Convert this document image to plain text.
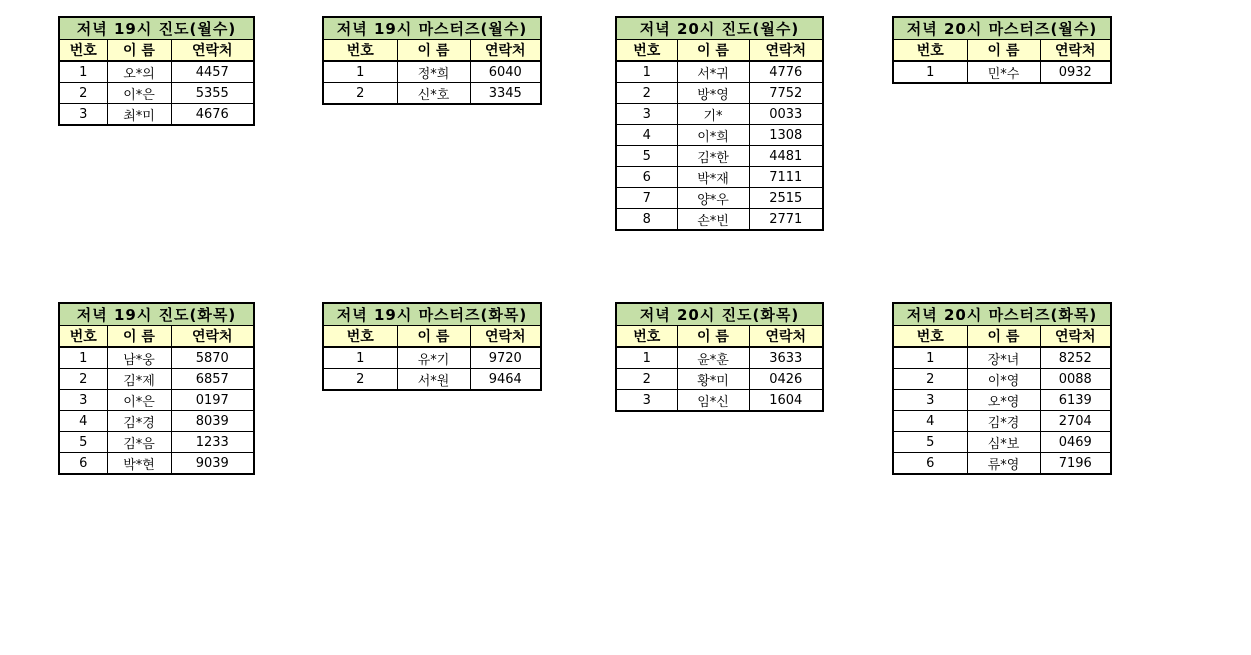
저녁 19시 진도(월수)		
번호	이 름	연락처
1	오*의	4457
2	이*은	5355
3	최*미	4676
저녁 19시 마스터즈(월수)		
번호	이 름	연락처
1	정*희	6040
2	신*호	3345
저녁 20시 진도(월수)		
번호	이 름	연락처
1	서*귀	4776
2	방*영	7752
3	기*	0033
4	이*희	1308
5	김*한	4481
6	박*재	7111
7	양*우	2515
8	손*빈	2771
저녁 20시 마스터즈(월수)		
번호	이 름	연락처
1	민*수	0932
저녁 19시 진도(화목)		
번호	이 름	연락처
1	남*웅	5870
2	김*제	6857
3	이*은	0197
4	김*경	8039
5	김*음	1233
6	박*현	9039
저녁 19시 마스터즈(화목)		
번호	이 름	연락처
1	유*기	9720
2	서*원	9464
저녁 20시 진도(화목)		
번호	이 름	연락처
1	윤*훈	3633
2	황*미	0426
3	임*신	1604
저녁 20시 마스터즈(화목)		
번호	이 름	연락처
1	장*녀	8252
2	이*영	0088
3	오*영	6139
4	김*경	2704
5	심*보	0469
6	류*영	7196
